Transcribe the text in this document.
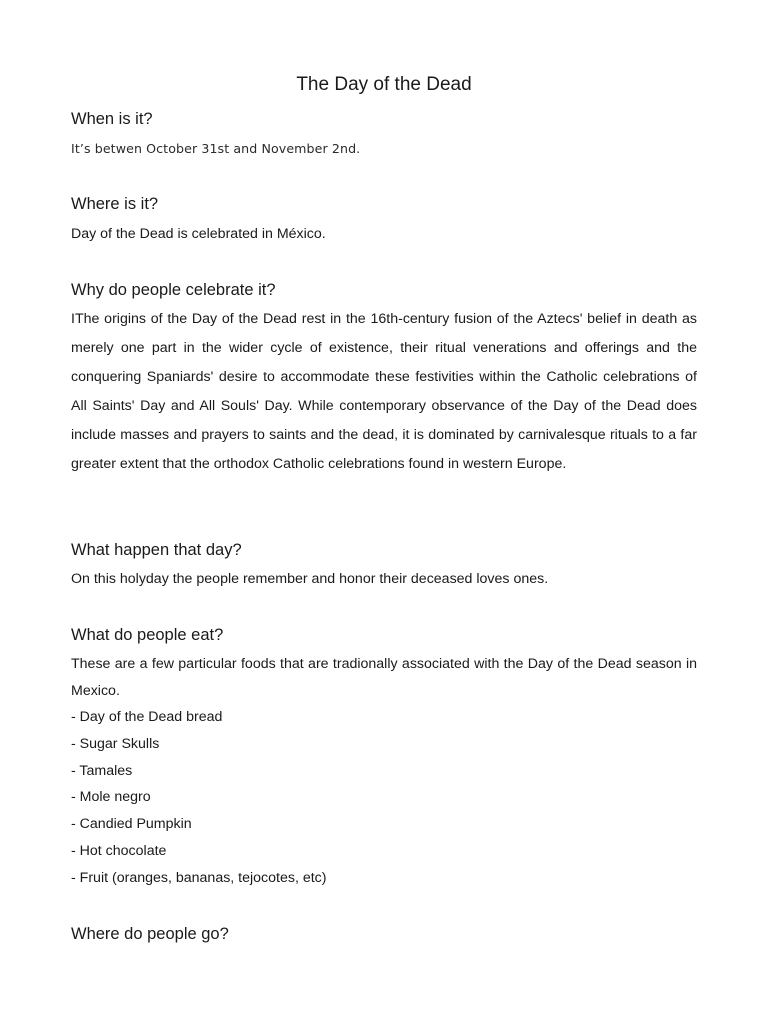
The Day of the Dead
When is it?
It’s betwen October 31st and November 2nd.
Where is it?
Day of the Dead is celebrated in México.
Why do people celebrate it?
IThe origins of the Day of the Dead rest in the 16th-century fusion of the Aztecs' belief in death as merely one part in the wider cycle of existence, their ritual venerations and offerings and the conquering Spaniards' desire to accommodate these festivities within the Catholic celebrations of All Saints' Day and All Souls' Day. While contemporary observance of the Day of the Dead does include masses and prayers to saints and the dead, it is dominated by carnivalesque rituals to a far greater extent that the orthodox Catholic celebrations found in western Europe.
What happen that day?
On this holyday the people remember and honor their deceased loves ones.
What do people eat?
These are a few particular foods that are tradionally associated with the Day of the Dead season in Mexico.
- Day of the Dead bread
- Sugar Skulls
- Tamales
- Mole negro
- Candied Pumpkin
- Hot chocolate
- Fruit (oranges, bananas, tejocotes, etc)
Where do people go?
